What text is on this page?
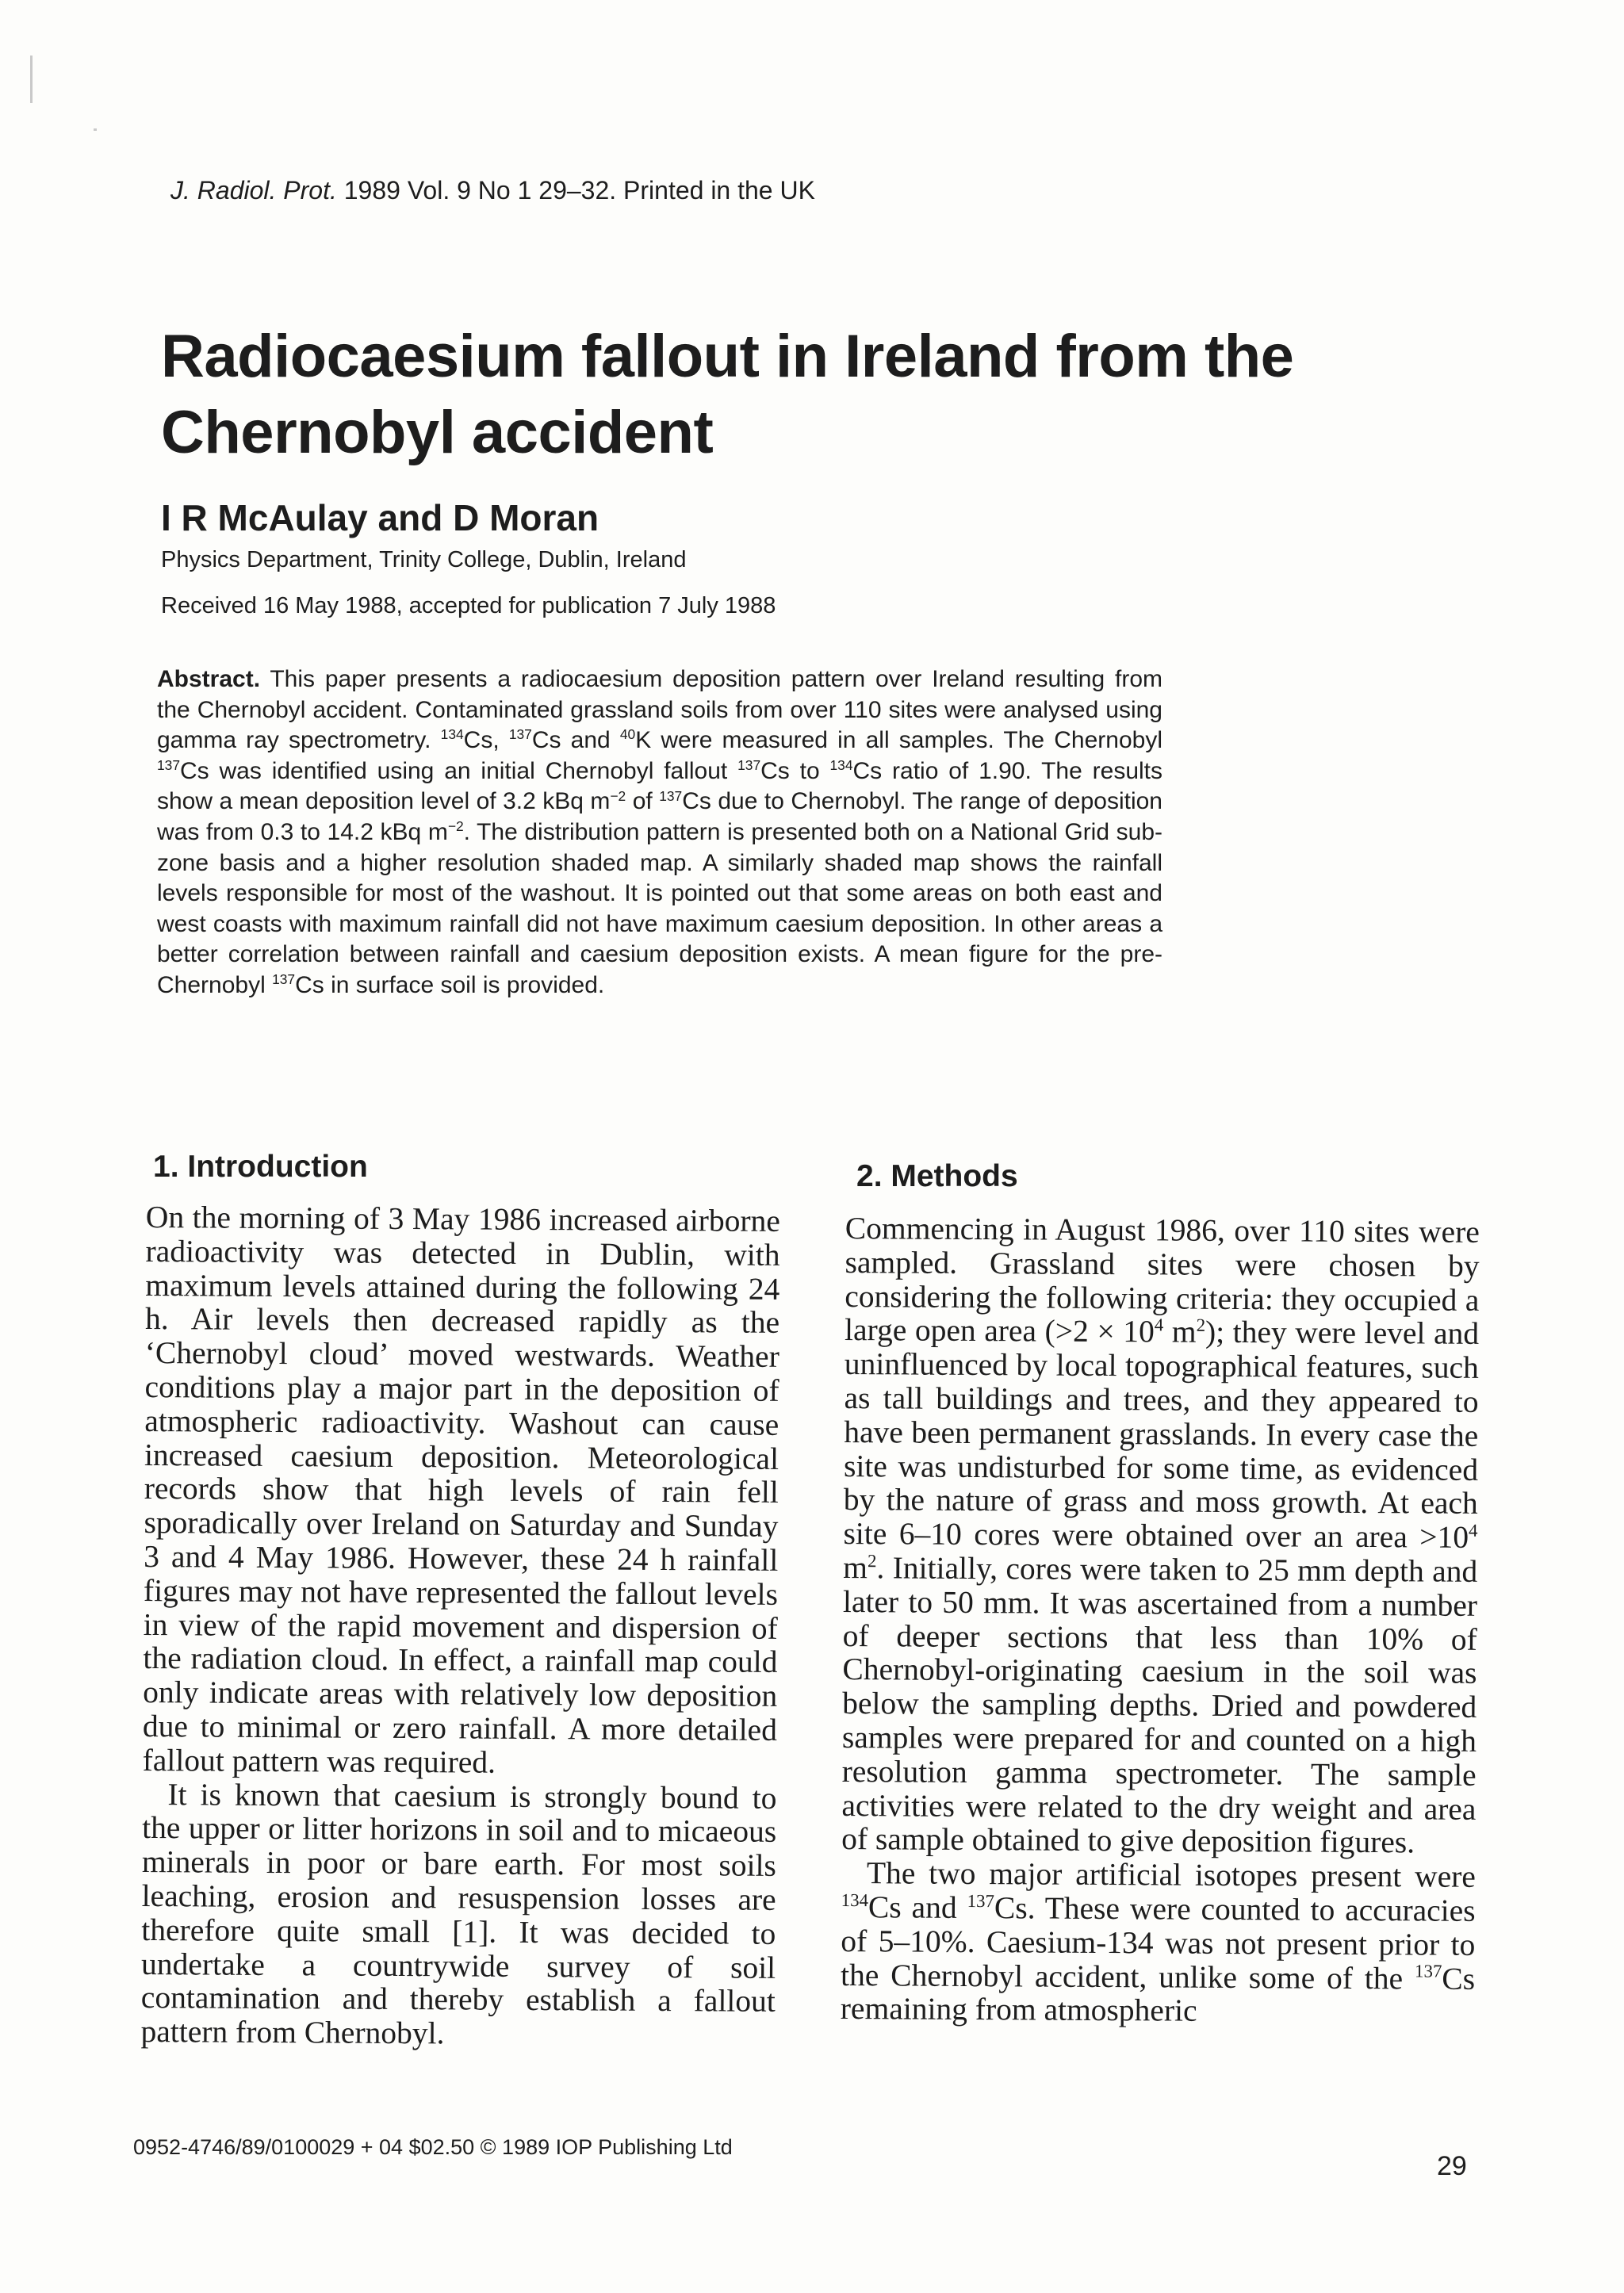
J. Radiol. Prot. 1989 Vol. 9 No 1 29–32. Printed in the UK
Radiocaesium fallout in Ireland from the Chernobyl accident
I R McAulay and D Moran
Physics Department, Trinity College, Dublin, Ireland
Received 16 May 1988, accepted for publication 7 July 1988
Abstract. This paper presents a radiocaesium deposition pattern over Ireland resulting from the Chernobyl accident. Contaminated grassland soils from over 110 sites were analysed using gamma ray spectrometry. $^{134}$Cs, $^{137}$Cs and $^{40}$K were measured in all samples. The Chernobyl $^{137}$Cs was identified using an initial Chernobyl fallout $^{137}$Cs to $^{134}$Cs ratio of 1.90. The results show a mean deposition level of 3.2 kBq $m^{-2}$ of $^{137}$Cs due to Chernobyl. The range of deposition was from 0.3 to 14.2 kBq $m^{-2}$. The distribution pattern is presented both on a National Grid sub-zone basis and a higher resolution shaded map. A similarly shaded map shows the rainfall levels responsible for most of the washout. It is pointed out that some areas on both east and west coasts with maximum rainfall did not have maximum caesium deposition. In other areas a better correlation between rainfall and caesium deposition exists. A mean figure for the pre-Chernobyl $^{137}$Cs in surface soil is provided.
1. Introduction	2. Methods

On the morning of 3 May 1986 increased airborne radioactivity was detected in Dublin, with maximum levels attained during the following 24 h. Air levels then decreased rapidly as the ‘Chernobyl cloud’ moved westwards. Weather conditions play a major part in the deposition of atmospheric radioactivity. Washout can cause increased caesium deposition. Meteorological records show that high levels of rain fell sporadically over Ireland on Saturday and Sunday 3 and 4 May 1986. However, these 24 h rainfall figures may not have represented the fallout levels in view of the rapid movement and dispersion of the radiation cloud. In effect, a rainfall map could only indicate areas with relatively low deposition due to minimal or zero rainfall. A more detailed fallout pattern was required.

It is known that caesium is strongly bound to the upper or litter horizons in soil and to micaeous minerals in poor or bare earth. For most soils leaching, erosion and resuspension losses are therefore quite small [1]. It was decided to undertake a countrywide survey of soil contamination and thereby establish a fallout pattern from Chernobyl.

Commencing in August 1986, over 110 sites were sampled. Grassland sites were chosen by considering the following criteria: they occupied a large open area ($>2 \times 10^4$ $m^2$); they were level and uninfluenced by local topographical features, such as tall buildings and trees, and they appeared to have been permanent grasslands. In every case the site was undisturbed for some time, as evidenced by the nature of grass and moss growth. At each site 6–10 cores were obtained over an area $>10^4$ $m^2$. Initially, cores were taken to 25 mm depth and later to 50 mm. It was ascertained from a number of deeper sections that less than 10% of Chernobyl-originating caesium in the soil was below the sampling depths. Dried and powdered samples were prepared for and counted on a high resolution gamma spectrometer. The sample activities were related to the dry weight and area of sample obtained to give deposition figures.

The two major artificial isotopes present were $^{134}$Cs and $^{137}$Cs. These were counted to accuracies of 5–10%. Caesium-134 was not present prior to the Chernobyl accident, unlike some of the $^{137}$Cs remaining from atmospheric

0952-4746/89/0100029 + 04 $02.50 © 1989 IOP Publishing Ltd
29
